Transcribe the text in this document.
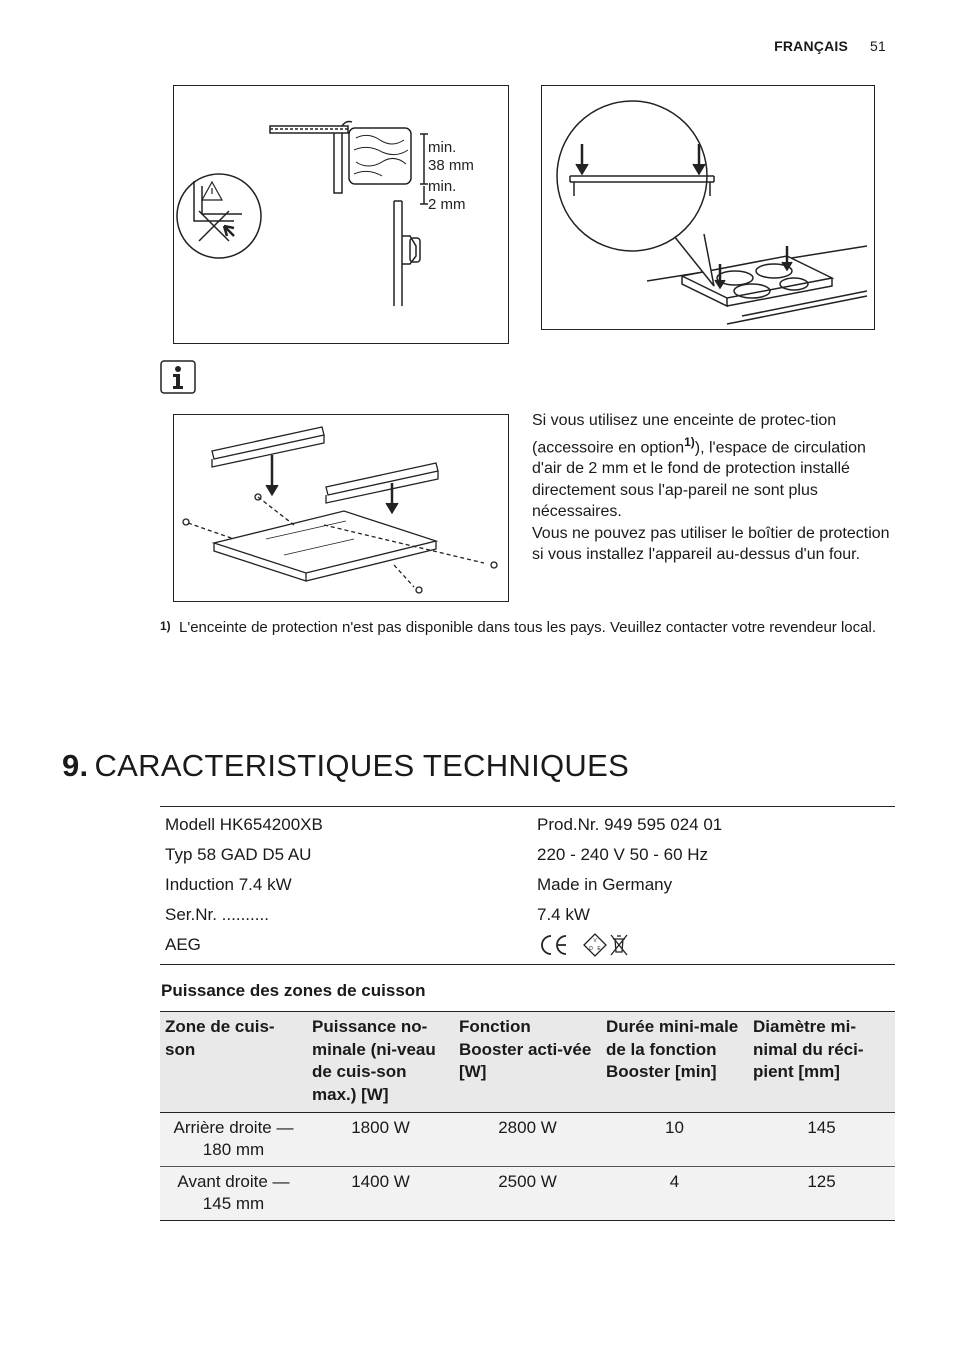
FRANÇAIS 51
min.
38 mm
min.
2 mm
Si vous utilisez une enceinte de protec-tion (accessoire en option$^{1)}$), l'espace de circulation d'air de 2 mm et le fond de protection installé directement sous l'ap-pareil ne sont plus nécessaires.
Vous ne pouvez pas utiliser le boîtier de protection si vous installez l'appareil au-dessus d'un four.
1) L'enceinte de protection n'est pas disponible dans tous les pays. Veuillez contacter votre revendeur local.
9. CARACTERISTIQUES TECHNIQUES
Modell HK654200XB	Prod.Nr. 949 595 024 01
Typ 58 GAD D5 AU	220 - 240 V 50 - 60 Hz
Induction 7.4 kW	Made in Germany
Ser.Nr. ..........	7.4 kW
AEG	V
D E
Puissance des zones de cuisson
Zone de cuis-son	Puissance no-minale (ni-veau de cuis-son max.) [W]	Fonction Booster acti-vée [W]	Durée mini-male de la fonction Booster [min]	Diamètre mi-nimal du réci-pient [mm]
Arrière droite — 180 mm	1800 W	2800 W	10	145
Avant droite — 145 mm	1400 W	2500 W	4	125
